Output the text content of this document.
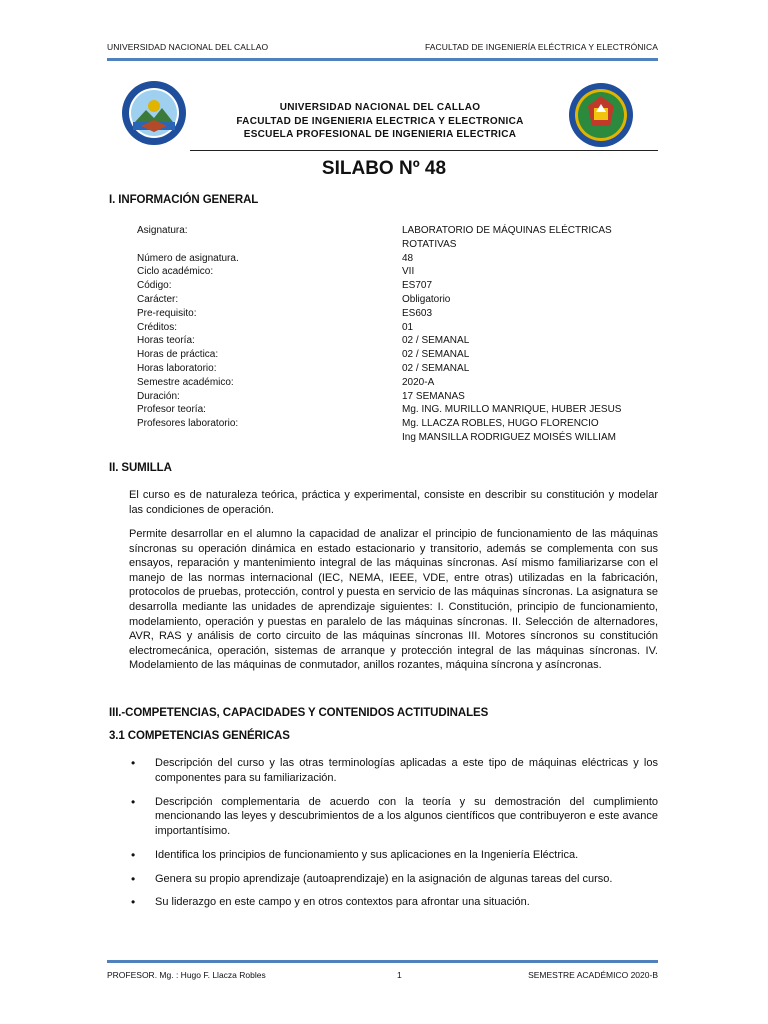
UNIVERSIDAD NACIONAL DEL CALLAO	FACULTAD DE INGENIERÍA ELÉCTRICA Y ELECTRÓNICA
UNIVERSIDAD NACIONAL DEL CALLAO
FACULTAD DE INGENIERIA ELECTRICA Y ELECTRONICA
ESCUELA PROFESIONAL DE INGENIERIA ELECTRICA
SILABO Nº 48
I. INFORMACIÓN GENERAL
Asignatura:	LABORATORIO DE MÁQUINAS ELÉCTRICAS
ROTATIVAS
Número de asignatura.	48
Ciclo académico:	VII
Código:	ES707
Carácter:	Obligatorio
Pre-requisito:	ES603
Créditos:	01
Horas teoría:	02 / SEMANAL
Horas de práctica:	02 / SEMANAL
Horas laboratorio:	02 / SEMANAL
Semestre académico:	2020-A
Duración:	17 SEMANAS
Profesor teoría:	Mg. ING. MURILLO MANRIQUE, HUBER JESUS
Profesores laboratorio:	Mg. LLACZA ROBLES, HUGO FLORENCIO
Ing MANSILLA RODRIGUEZ MOISÉS WILLIAM
II. SUMILLA
El curso es de naturaleza teórica, práctica y experimental, consiste en describir su constitución y modelar las condiciones de operación.
Permite desarrollar en el alumno la capacidad de analizar el principio de funcionamiento de las máquinas síncronas su operación dinámica en estado estacionario y transitorio, además se complementa con sus ensayos, reparación y mantenimiento integral de las máquinas síncronas. Así mismo familiarizarse con el manejo de las normas internacional (IEC, NEMA, IEEE, VDE, entre otras) utilizadas en la fabricación, protocolos de pruebas, protección, control y puesta en servicio de las máquinas síncronas. La asignatura se desarrolla mediante las unidades de aprendizaje siguientes: I. Constitución, principio de funcionamiento, modelamiento, operación y puestas en paralelo de las máquinas síncronas. II. Selección de alternadores, AVR, RAS y análisis de corto circuito de las máquinas síncronas III. Motores síncronos su constitución electromecánica, operación, sistemas de arranque y protección integral de las máquinas síncronas. IV. Modelamiento de las máquinas de conmutador, anillos rozantes, máquina síncrona y asíncronas.
III.-COMPETENCIAS, CAPACIDADES Y CONTENIDOS ACTITUDINALES
3.1 COMPETENCIAS GENÉRICAS
•	Descripción del curso y las otras terminologías aplicadas a este tipo de máquinas eléctricas y los componentes para su familiarización.
•	Descripción complementaria de acuerdo con la teoría y su demostración del cumplimiento mencionando las leyes y descubrimientos de a los algunos científicos que contribuyeron e este avance importantísimo.
•	Identifica los principios de funcionamiento y sus aplicaciones en la Ingeniería Eléctrica.
•	Genera su propio aprendizaje (autoaprendizaje) en la asignación de algunas tareas del curso.
•	Su liderazgo en este campo y en otros contextos para afrontar una situación.
PROFESOR. Mg. : Hugo F. Llacza Robles	1	SEMESTRE ACADÉMICO 2020-B
